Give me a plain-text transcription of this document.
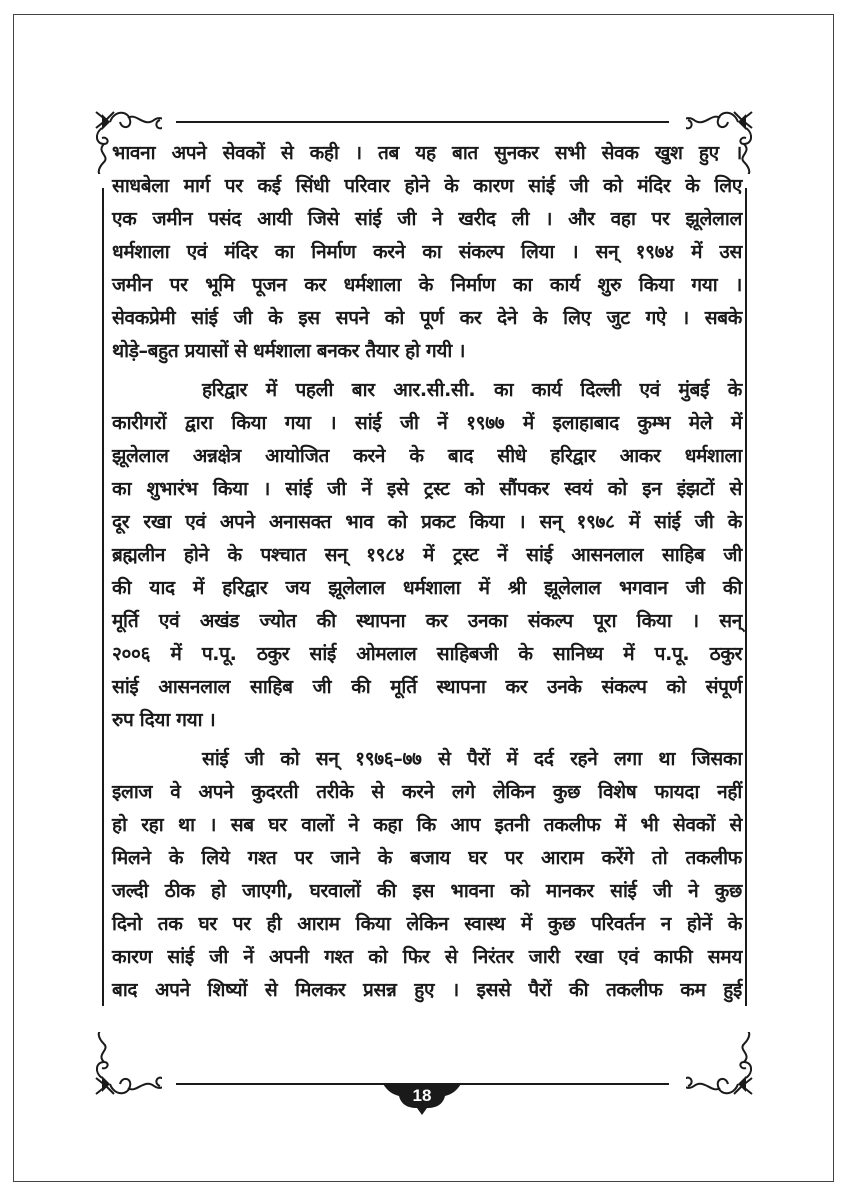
भावना अपने सेवकों से कही । तब यह बात सुनकर सभी सेवक खुश हुए ।
साधबेला मार्ग पर कई सिंधी परिवार होने के कारण सांई जी को मंदिर के लिए
एक जमीन पसंद आयी जिसे सांई जी ने खरीद ली । और वहा पर झूलेलाल
धर्मशाला एवं मंदिर का निर्माण करने का संकल्प लिया । सन् १९७४ में उस
जमीन पर भूमि पूजन कर धर्मशाला के निर्माण का कार्य शुरु किया गया ।
सेवकप्रेमी सांई जी के इस सपने को पूर्ण कर देने के लिए जुट गऐ । सबके
थोड़े–बहुत प्रयासों से धर्मशाला बनकर तैयार हो गयी ।
हरिद्वार में पहली बार आर.सी.सी. का कार्य दिल्ली एवं मुंबई के
कारीगरों द्वारा किया गया । सांई जी नें १९७७ में इलाहाबाद कुम्भ मेले में
झूलेलाल अन्नक्षेत्र आयोजित करने के बाद सीधे हरिद्वार आकर धर्मशाला
का शुभारंभ किया । सांई जी नें इसे ट्रस्ट को सौंपकर स्वयं को इन इंझटों से
दूर रखा एवं अपने अनासक्त भाव को प्रकट किया । सन् १९७८ में सांई जी के
ब्रह्मलीन होने के पश्चात सन् १९८४ में ट्रस्ट नें सांई आसनलाल साहिब जी
की याद में हरिद्वार जय झूलेलाल धर्मशाला में श्री झूलेलाल भगवान जी की
मूर्ति एवं अखंड ज्योत की स्थापना कर उनका संकल्प पूरा किया । सन्
२००६ में प.पू. ठकुर सांई ओमलाल साहिबजी के सानिध्य में प.पू. ठकुर
सांई आसनलाल साहिब जी की मूर्ति स्थापना कर उनके संकल्प को संपूर्ण
रुप दिया गया ।
सांई जी को सन् १९७६–७७ से पैरों में दर्द रहने लगा था जिसका
इलाज वे अपने कुदरती तरीके से करने लगे लेकिन कुछ विशेष फायदा नहीं
हो रहा था । सब घर वालों ने कहा कि आप इतनी तकलीफ में भी सेवकों से
मिलने के लिये गश्त पर जाने के बजाय घर पर आराम करेंगे तो तकलीफ
जल्दी ठीक हो जाएगी, घरवालों की इस भावना को मानकर सांई जी ने कुछ
दिनो तक घर पर ही आराम किया लेकिन स्वास्थ में कुछ परिवर्तन न होनें के
कारण सांई जी नें अपनी गश्त को फिर से निरंतर जारी रखा एवं काफी समय
बाद अपने शिष्यों से मिलकर प्रसन्न हुए । इससे पैरों की तकलीफ कम हुई
18
